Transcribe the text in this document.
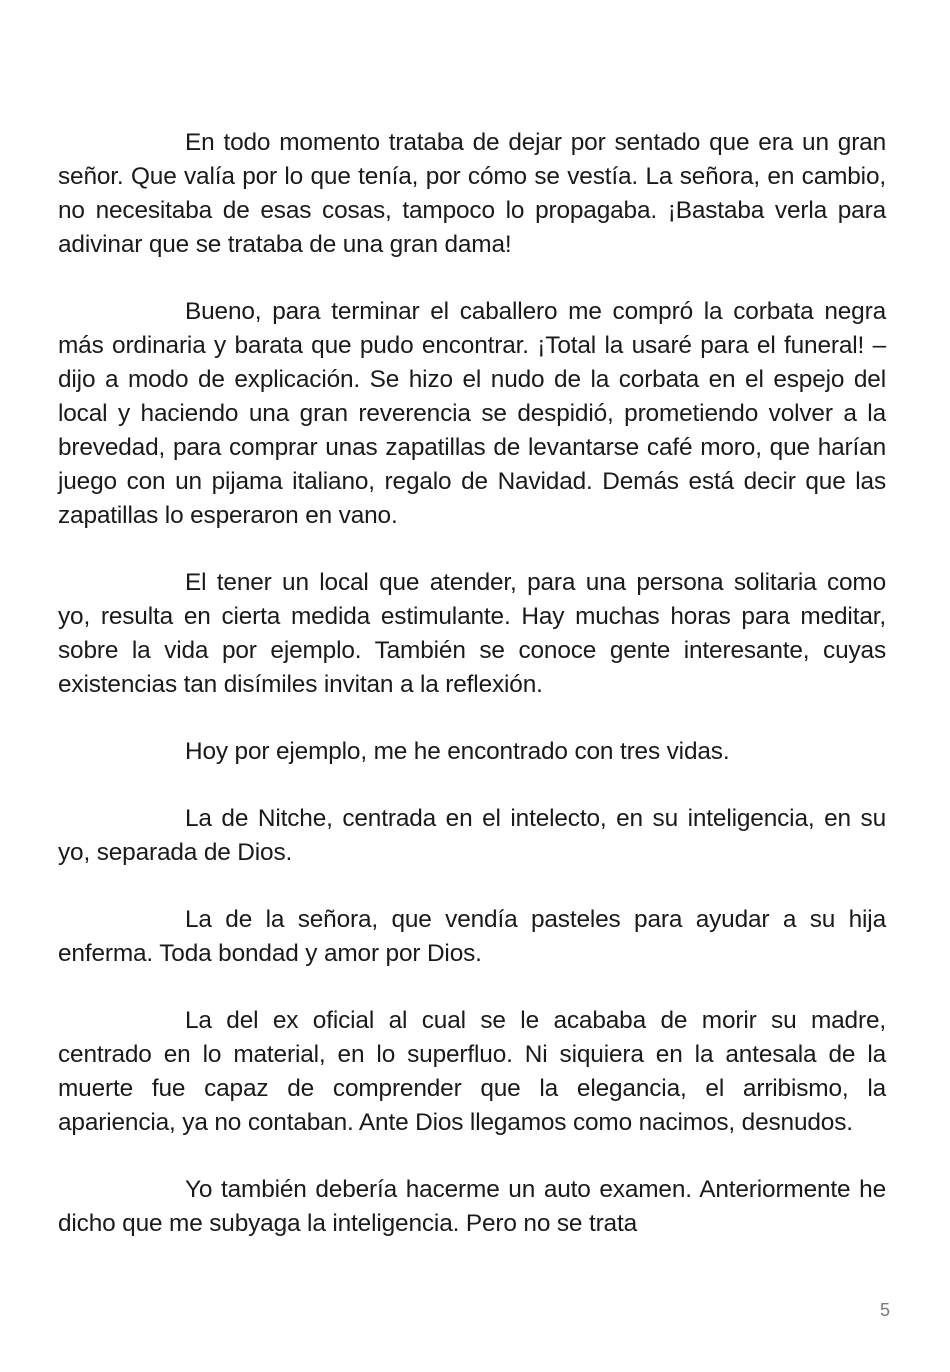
En todo momento trataba de dejar por sentado que era un gran señor. Que valía por lo que tenía, por cómo se vestía. La señora, en cambio, no necesitaba de esas cosas, tampoco lo propagaba. ¡Bastaba verla para adivinar que se trataba de una gran dama!

Bueno, para terminar el caballero me compró la corbata negra más ordinaria y barata que pudo encontrar. ¡Total la usaré para el funeral! –dijo a modo de explicación. Se hizo el nudo de la corbata en el espejo del local y haciendo una gran reverencia se despidió, prometiendo volver a la brevedad, para comprar unas zapatillas de levantarse café moro, que harían juego con un pijama italiano, regalo de Navidad. Demás está decir que las zapatillas lo esperaron en vano.

El tener un local que atender, para una persona solitaria como yo, resulta en cierta medida estimulante. Hay muchas horas para meditar, sobre la vida por ejemplo. También se conoce gente interesante, cuyas existencias tan disímiles invitan a la reflexión.

Hoy por ejemplo, me he encontrado con tres vidas.

La de Nitche, centrada en el intelecto, en su inteligencia, en su yo, separada de Dios.

La de la señora, que vendía pasteles para ayudar a su hija enferma. Toda bondad y amor por Dios.

La del ex oficial al cual se le acababa de morir su madre, centrado en lo material, en lo superfluo. Ni siquiera en la antesala de la muerte fue capaz de comprender que la elegancia, el arribismo, la apariencia, ya no contaban. Ante Dios llegamos como nacimos, desnudos.

Yo también debería hacerme un auto examen. Anteriormente he dicho que me subyaga la inteligencia. Pero no se trata

5
